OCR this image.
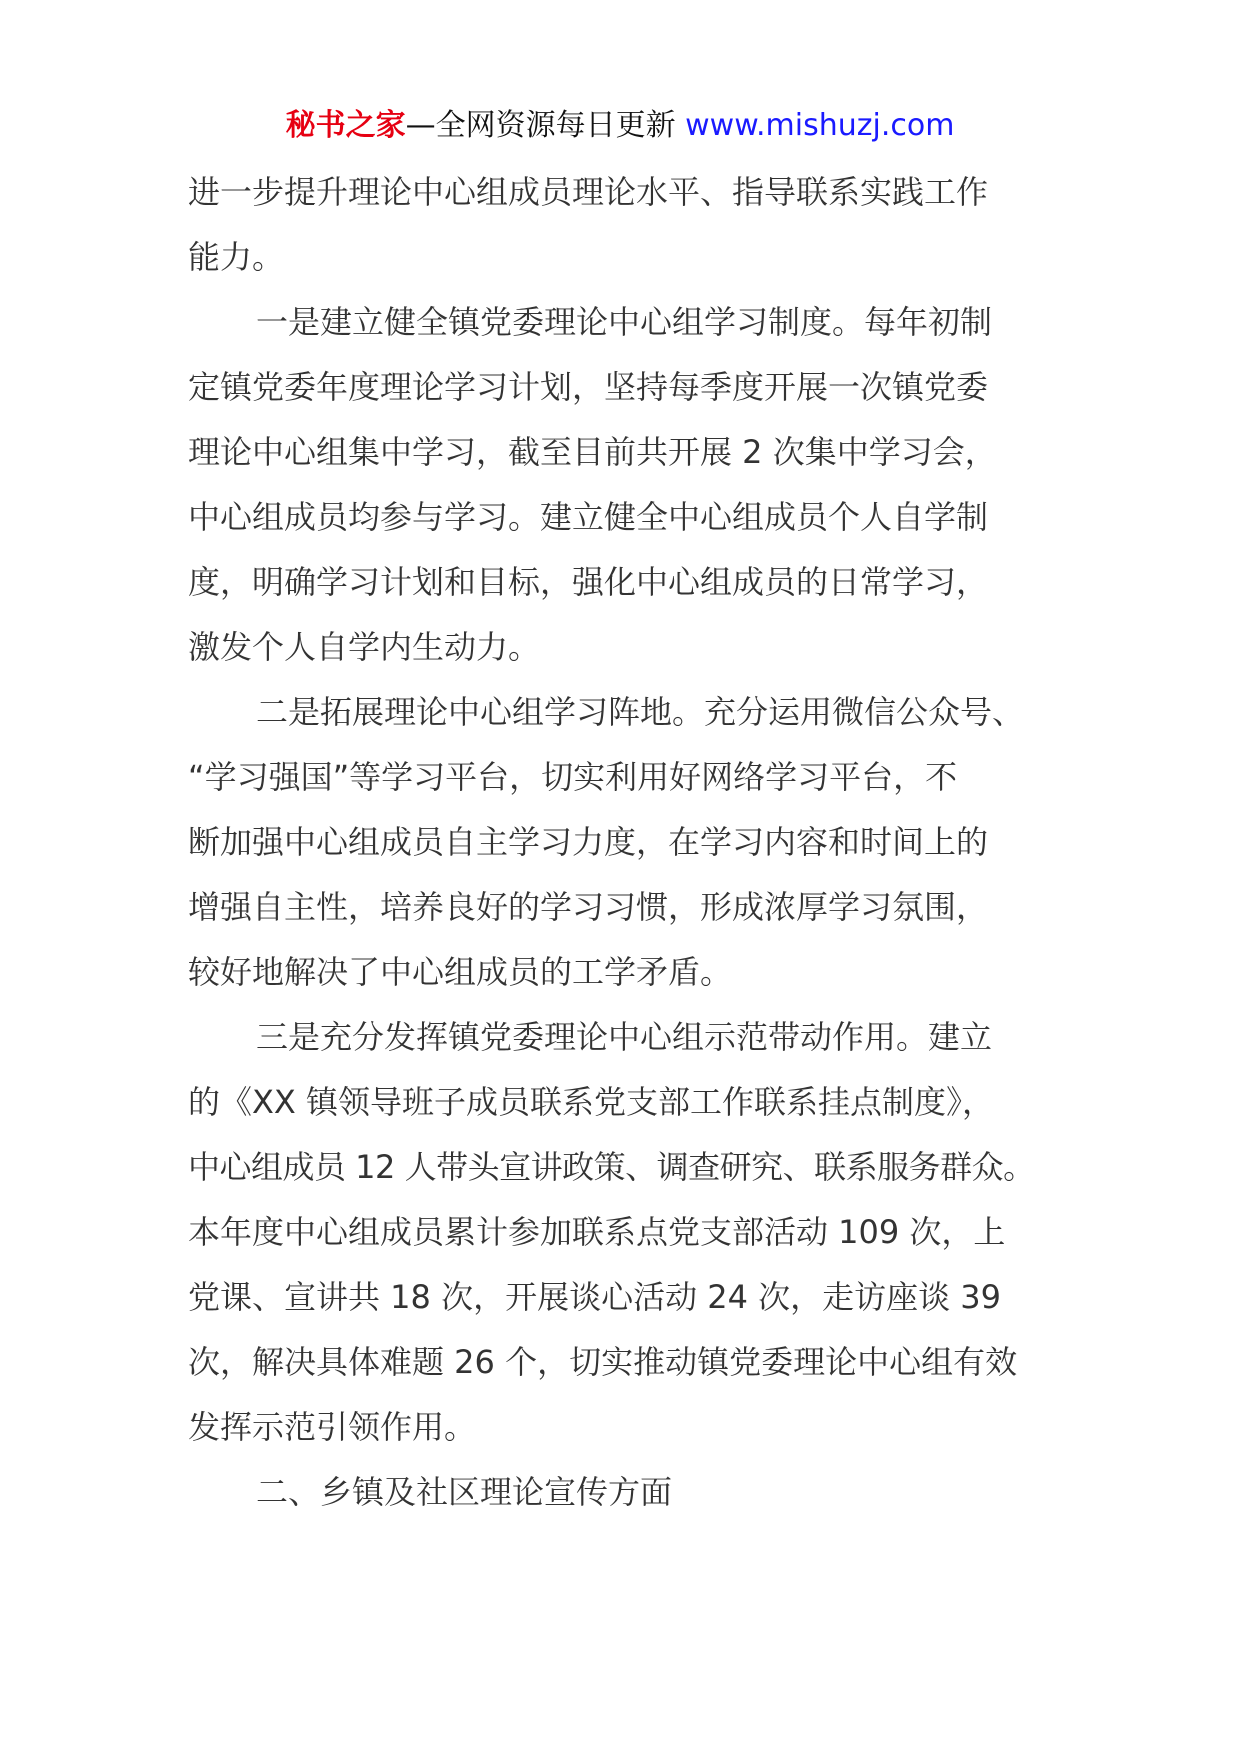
秘书之家—全网资源每日更新 www.mishuzj.com
进一步提升理论中心组成员理论水平、指导联系实践工作
能力。
一是建立健全镇党委理论中心组学习制度。每年初制
定镇党委年度理论学习计划，坚持每季度开展一次镇党委
理论中心组集中学习，截至目前共开展 2 次集中学习会，
中心组成员均参与学习。建立健全中心组成员个人自学制
度，明确学习计划和目标，强化中心组成员的日常学习，
激发个人自学内生动力。
二是拓展理论中心组学习阵地。充分运用微信公众号、
“学习强国”等学习平台，切实利用好网络学习平台，不
断加强中心组成员自主学习力度，在学习内容和时间上的
增强自主性，培养良好的学习习惯，形成浓厚学习氛围，
较好地解决了中心组成员的工学矛盾。
三是充分发挥镇党委理论中心组示范带动作用。建立
的《XX 镇领导班子成员联系党支部工作联系挂点制度》，
中心组成员 12 人带头宣讲政策、调查研究、联系服务群众。
本年度中心组成员累计参加联系点党支部活动 109 次，上
党课、宣讲共 18 次，开展谈心活动 24 次，走访座谈 39
次，解决具体难题 26 个，切实推动镇党委理论中心组有效
发挥示范引领作用。
二、乡镇及社区理论宣传方面
